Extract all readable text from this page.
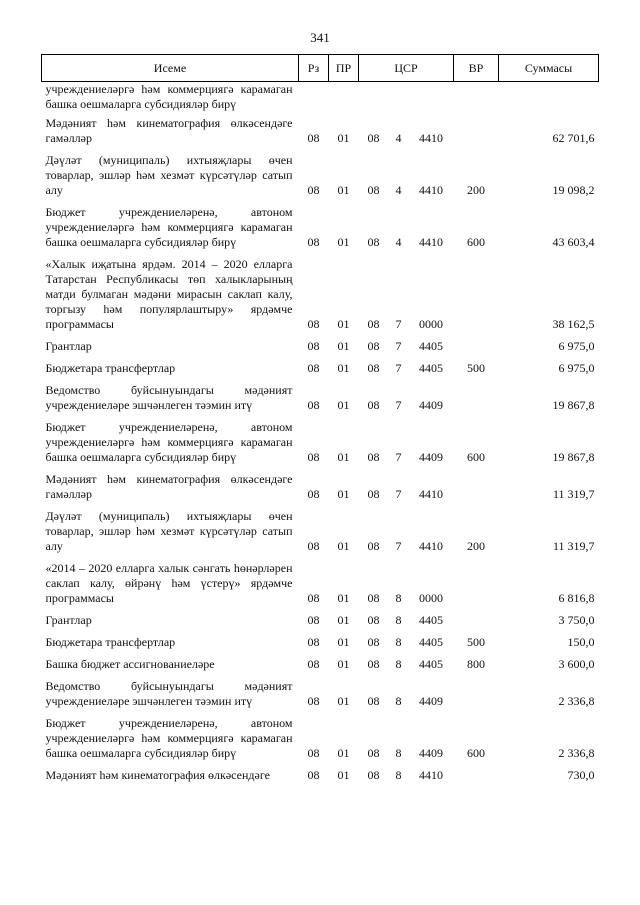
341
Исеме	Рз	ПР	ЦСР			ВР	Суммасы
учреждениеләргә һәм коммерциягә карамаган башка оешмаларга субсидияләр бирү							
Мәдәният һәм кинематография өлкәсендәге гамәлләр	08	01	08	4	4410		62 701,6
Дәүләт (муниципаль) ихтыяҗлары өчен товарлар, эшләр һәм хезмәт күрсәтүләр сатып алу	08	01	08	4	4410	200	19 098,2
Бюджет учреждениеләренә, автоном учреждениеләргә һәм коммерциягә карамаган башка оешмаларга субсидияләр бирү	08	01	08	4	4410	600	43 603,4
«Халык иҗатына ярдәм. 2014 – 2020 елларга Татарстан Республикасы төп халыкларының матди булмаган мәдәни мирасын саклап калу, торгызу һәм популярлаштыру» ярдәмче программасы	08	01	08	7	0000		38 162,5
Грантлар	08	01	08	7	4405		6 975,0
Бюджетара трансфертлар	08	01	08	7	4405	500	6 975,0
Ведомство буйсынуындагы мәдәният учреждениеләре эшчәнлеген тәэмин итү	08	01	08	7	4409		19 867,8
Бюджет учреждениеләренә, автоном учреждениеләргә һәм коммерциягә карамаган башка оешмаларга субсидияләр бирү	08	01	08	7	4409	600	19 867,8
Мәдәният һәм кинематография өлкәсендәге гамәлләр	08	01	08	7	4410		11 319,7
Дәүләт (муниципаль) ихтыяҗлары өчен товарлар, эшләр һәм хезмәт күрсәтүләр сатып алу	08	01	08	7	4410	200	11 319,7
«2014 – 2020 елларга халык сәнгать һөнәрләрен саклап калу, өйрәнү һәм үстерү» ярдәмче программасы	08	01	08	8	0000		6 816,8
Грантлар	08	01	08	8	4405		3 750,0
Бюджетара трансфертлар	08	01	08	8	4405	500	150,0
Башка бюджет ассигнованиеләре	08	01	08	8	4405	800	3 600,0
Ведомство буйсынуындагы мәдәният учреждениеләре эшчәнлеген тәэмин итү	08	01	08	8	4409		2 336,8
Бюджет учреждениеләренә, автоном учреждениеләргә һәм коммерциягә карамаган башка оешмаларга субсидияләр бирү	08	01	08	8	4409	600	2 336,8
Мәдәният һәм кинематография өлкәсендәге	08	01	08	8	4410		730,0
